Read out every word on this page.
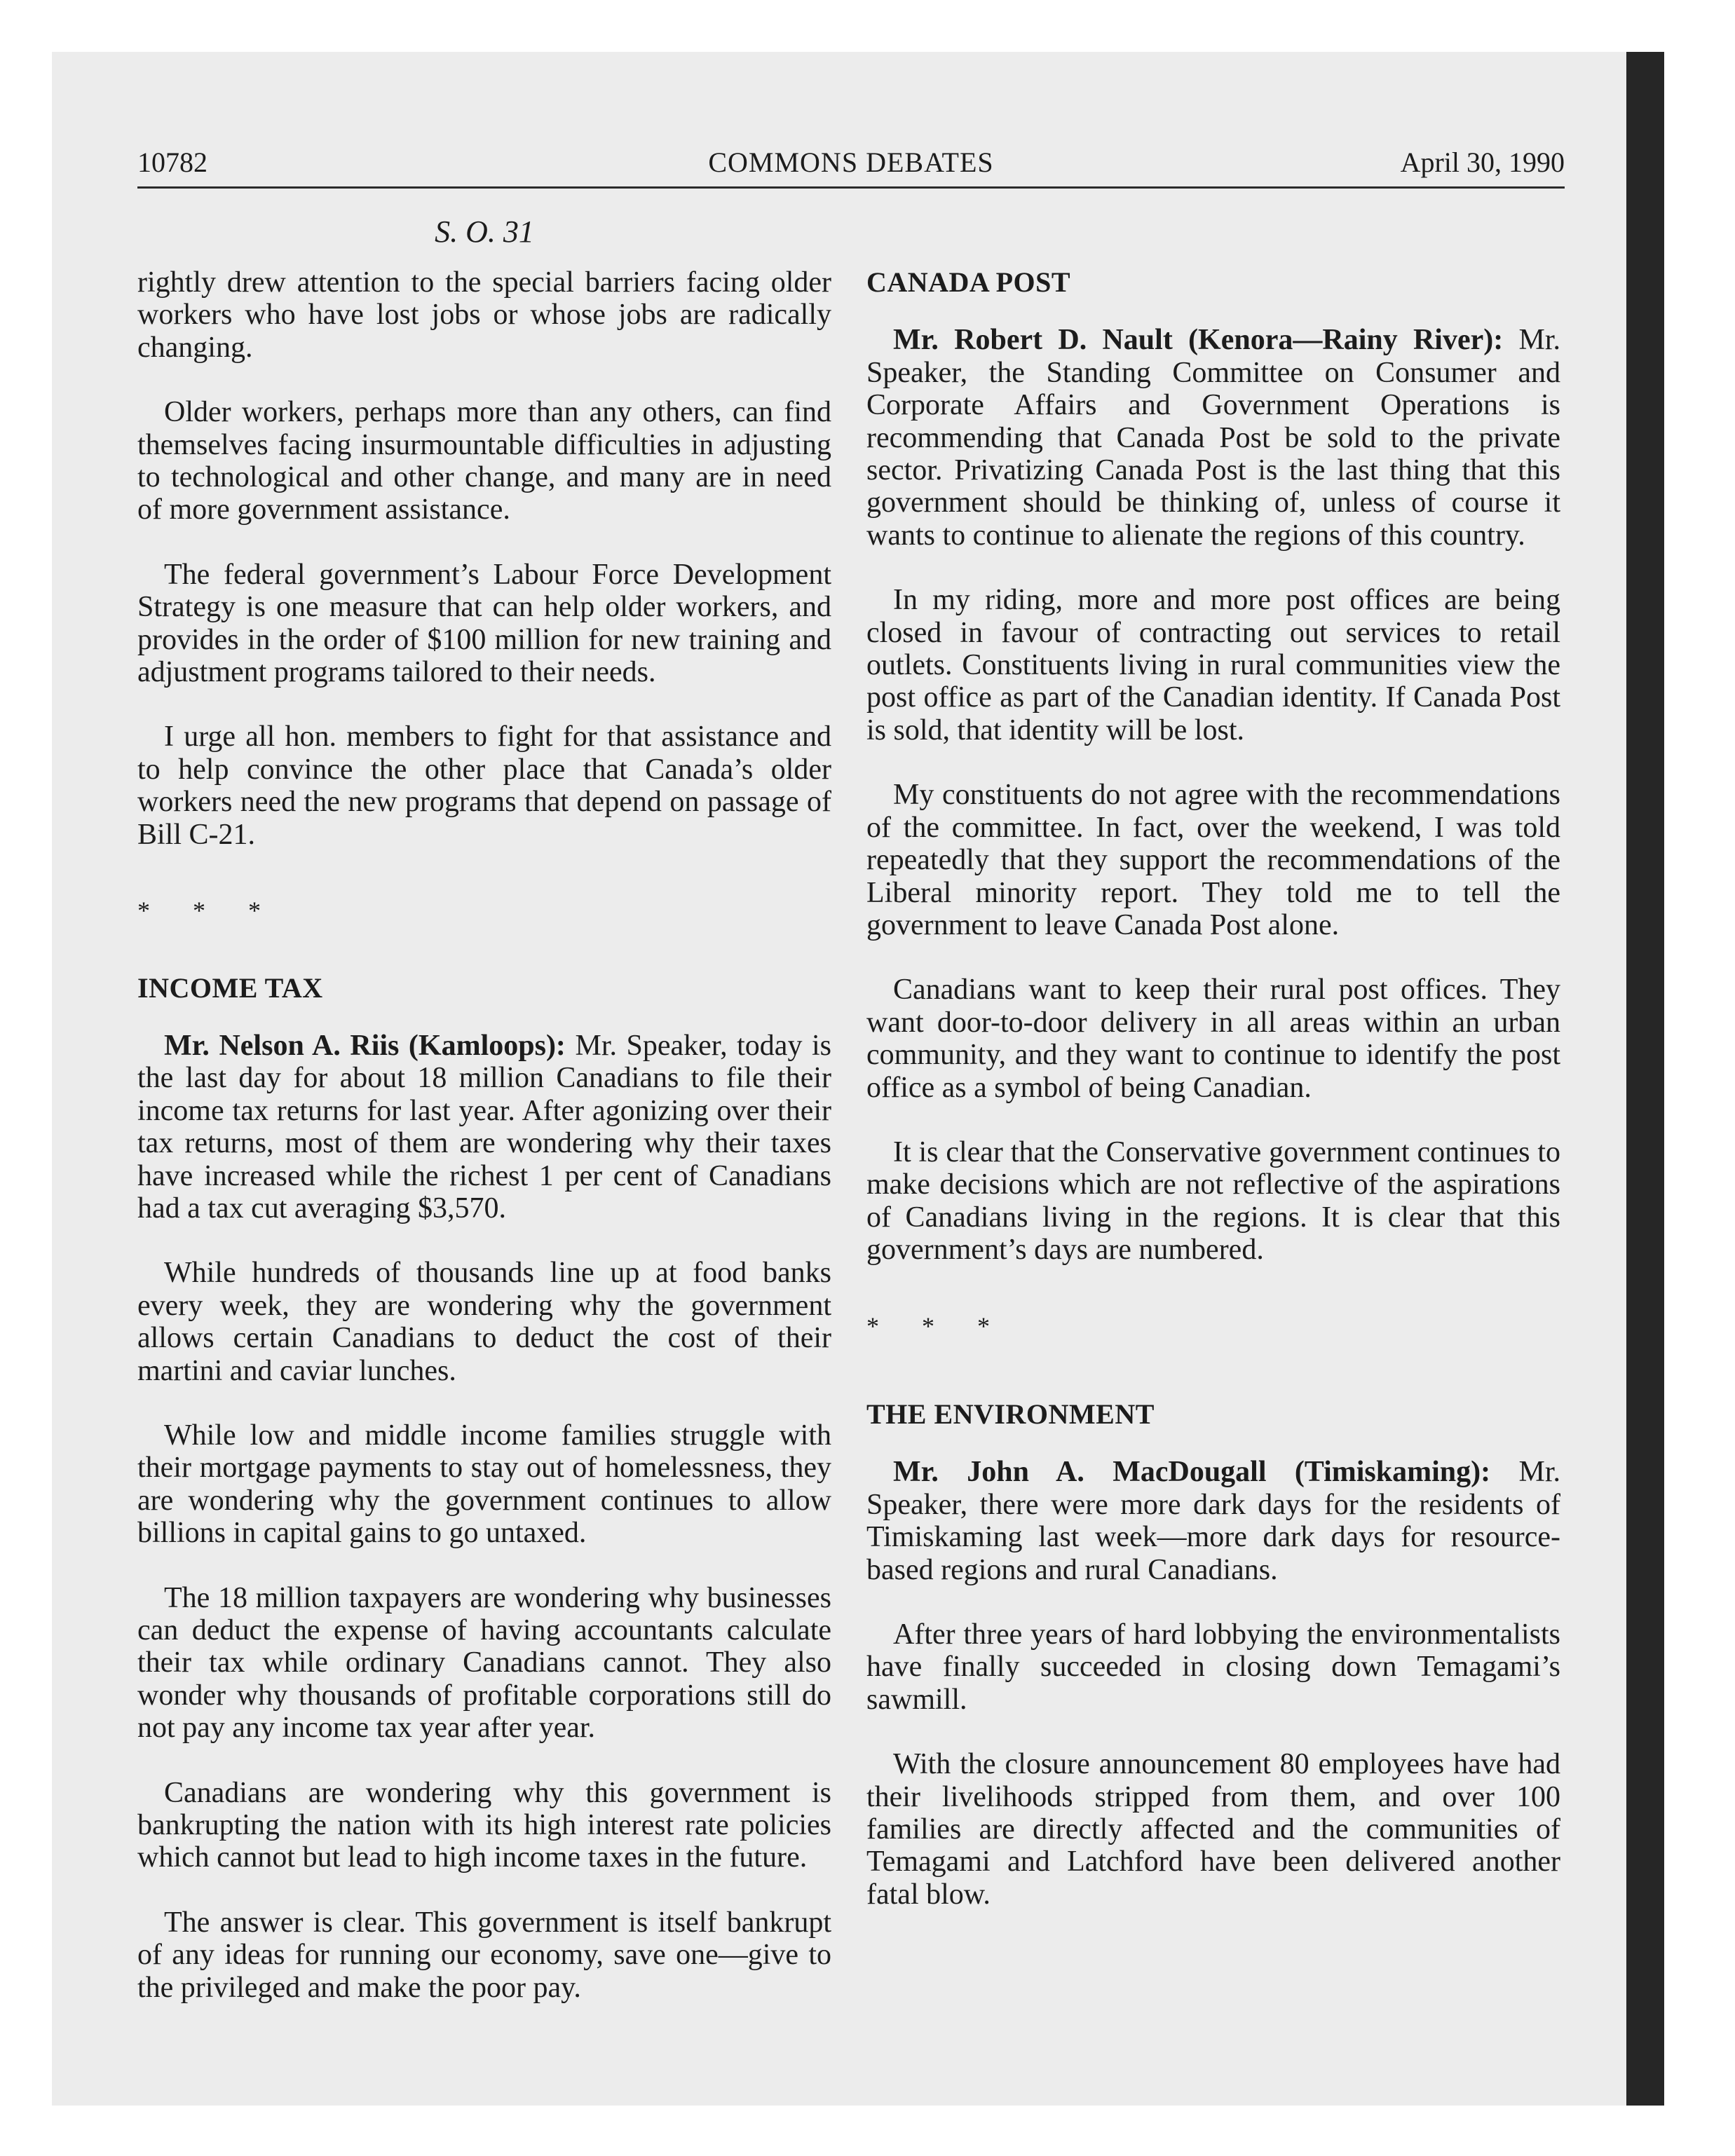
COMMONS DEBATES
10782	April 30, 1990
S. O. 31

rightly drew attention to the special barriers facing older workers who have lost jobs or whose jobs are radically changing.

Older workers, perhaps more than any others, can find themselves facing insurmountable difficulties in adjusting to technological and other change, and many are in need of more government assistance.

The federal government’s Labour Force Development Strategy is one measure that can help older workers, and provides in the order of $100 million for new training and adjustment programs tailored to their needs.

I urge all hon. members to fight for that assistance and to help convince the other place that Canada’s older workers need the new programs that depend on passage of Bill C-21.

* * *

INCOME TAX

Mr. Nelson A. Riis (Kamloops): Mr. Speaker, today is the last day for about 18 million Canadians to file their income tax returns for last year. After agonizing over their tax returns, most of them are wondering why their taxes have increased while the richest 1 per cent of Canadians had a tax cut averaging $3,570.

While hundreds of thousands line up at food banks every week, they are wondering why the government allows certain Canadians to deduct the cost of their martini and caviar lunches.

While low and middle income families struggle with their mortgage payments to stay out of homelessness, they are wondering why the government continues to allow billions in capital gains to go untaxed.

The 18 million taxpayers are wondering why businesses can deduct the expense of having accountants calculate their tax while ordinary Canadians cannot. They also wonder why thousands of profitable corporations still do not pay any income tax year after year.

Canadians are wondering why this government is bankrupting the nation with its high interest rate policies which cannot but lead to high income taxes in the future.

The answer is clear. This government is itself bankrupt of any ideas for running our economy, save one—give to the privileged and make the poor pay.

CANADA POST

Mr. Robert D. Nault (Kenora—Rainy River): Mr. Speaker, the Standing Committee on Consumer and Corporate Affairs and Government Operations is recommending that Canada Post be sold to the private sector. Privatizing Canada Post is the last thing that this government should be thinking of, unless of course it wants to continue to alienate the regions of this country.

In my riding, more and more post offices are being closed in favour of contracting out services to retail outlets. Constituents living in rural communities view the post office as part of the Canadian identity. If Canada Post is sold, that identity will be lost.

My constituents do not agree with the recommendations of the committee. In fact, over the weekend, I was told repeatedly that they support the recommendations of the Liberal minority report. They told me to tell the government to leave Canada Post alone.

Canadians want to keep their rural post offices. They want door-to-door delivery in all areas within an urban community, and they want to continue to identify the post office as a symbol of being Canadian.

It is clear that the Conservative government continues to make decisions which are not reflective of the aspirations of Canadians living in the regions. It is clear that this government’s days are numbered.

* * *

THE ENVIRONMENT

Mr. John A. MacDougall (Timiskaming): Mr. Speaker, there were more dark days for the residents of Timiskaming last week—more dark days for resource-based regions and rural Canadians.

After three years of hard lobbying the environmentalists have finally succeeded in closing down Temagami’s sawmill.

With the closure announcement 80 employees have had their livelihoods stripped from them, and over 100 families are directly affected and the communities of Temagami and Latchford have been delivered another fatal blow.
